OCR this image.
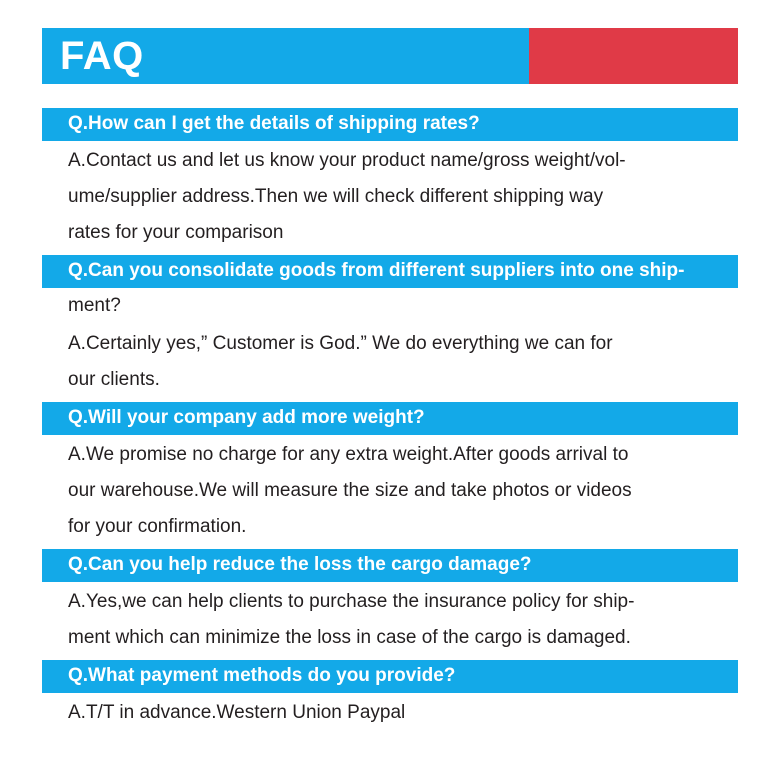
FAQ
Q.How can I get the details of shipping rates?
A.Contact us and let us know your product name/gross weight/vol-
ume/supplier address.Then we will check different shipping way
rates for your comparison
Q.Can you consolidate goods from different suppliers into one ship-
ment?
A.Certainly yes,” Customer is God.” We do everything we can for
our clients.
Q.Will your company add more weight?
A.We promise no charge for any extra weight.After goods arrival to
our warehouse.We will measure the size and take photos or videos
for your confirmation.
Q.Can you help reduce the loss the cargo damage?
A.Yes,we can help clients to purchase the insurance policy for ship-
ment which can minimize the loss in case of the cargo is damaged.
Q.What payment methods do you provide?
A.T/T in advance.Western Union Paypal
